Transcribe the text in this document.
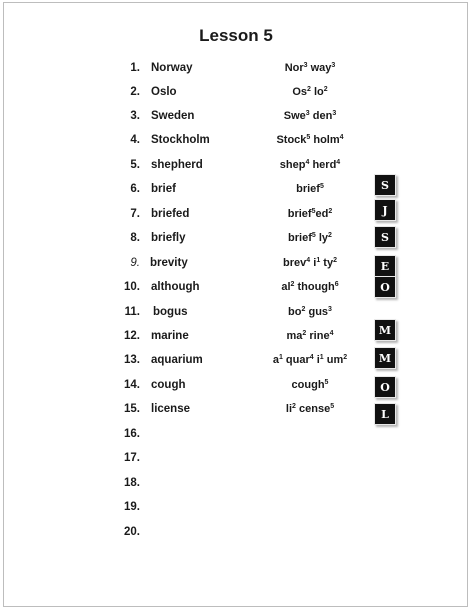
Lesson 5
1. Norway	Nor$^3$ way$^3$
2. Oslo	Os$^2$ $lo^2$
3. Sweden	Swe$^3$ den$^3$
4. Stockholm	Stock$^5$ holm$^4$
5. shepherd	shep$^4$ herd$^4$
6. brief	brief$^5$
7. briefed	$brief^5ed^2$
8. briefly	brief$^5$ $ly^2$
9. brevity	brev$^4$ $i^1$ $ty^2$
10. although	$al^2$ though$^6$
11. bogus	$bo^2$ gus$^3$
12. marine	$ma^2$ rine$^4$
13. aquarium	$a^1$ quar$^4$ $i^1$ $um^2$
14. cough	cough$^5$
15. license	$li^2$ cense$^5$
16.
17.
18.
19.
20.
S
J
S
E
O
M
M
O
L
